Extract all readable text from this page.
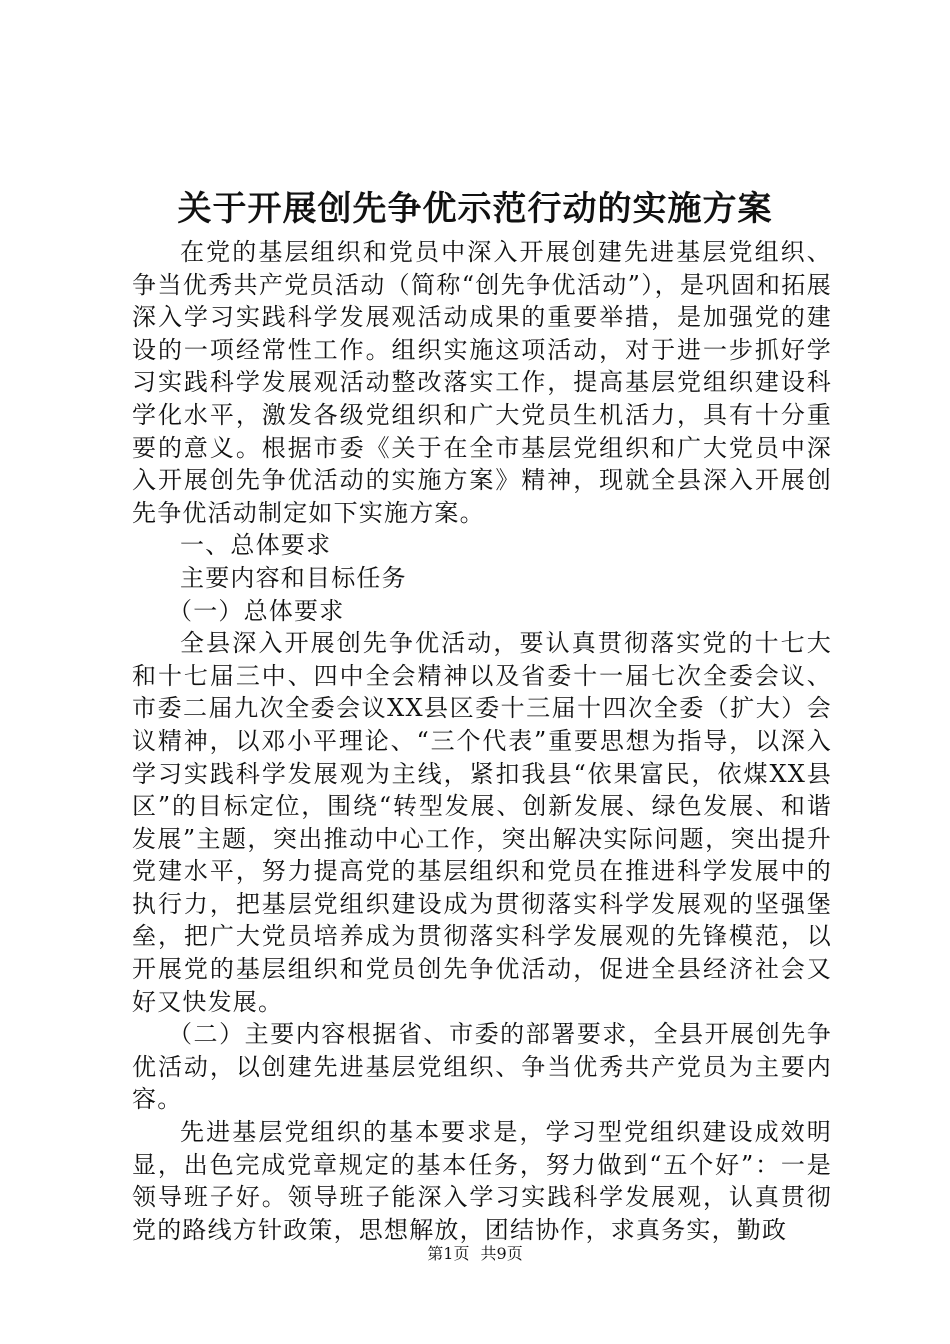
关于开展创先争优示范行动的实施方案

在党的基层组织和党员中深入开展创建先进基层党组织、争当优秀共产党员活动（简称“创先争优活动”），是巩固和拓展深入学习实践科学发展观活动成果的重要举措，是加强党的建设的一项经常性工作。组织实施这项活动，对于进一步抓好学习实践科学发展观活动整改落实工作，提高基层党组织建设科学化水平，激发各级党组织和广大党员生机活力，具有十分重要的意义。根据市委《关于在全市基层党组织和广大党员中深入开展创先争优活动的实施方案》精神，现就全县深入开展创先争优活动制定如下实施方案。

一、总体要求

主要内容和目标任务

（一）总体要求

全县深入开展创先争优活动，要认真贯彻落实党的十七大和十七届三中、四中全会精神以及省委十一届七次全委会议、市委二届九次全委会议XX县区委十三届十四次全委（扩大）会议精神，以邓小平理论、“三个代表”重要思想为指导，以深入学习实践科学发展观为主线，紧扣我县“依果富民，依煤XX县区”的目标定位，围绕“转型发展、创新发展、绿色发展、和谐发展”主题，突出推动中心工作，突出解决实际问题，突出提升党建水平，努力提高党的基层组织和党员在推进科学发展中的执行力，把基层党组织建设成为贯彻落实科学发展观的坚强堡垒，把广大党员培养成为贯彻落实科学发展观的先锋模范，以开展党的基层组织和党员创先争优活动，促进全县经济社会又好又快发展。

（二）主要内容根据省、市委的部署要求，全县开展创先争优活动，以创建先进基层党组织、争当优秀共产党员为主要内容。

先进基层党组织的基本要求是，学习型党组织建设成效明显，出色完成党章规定的基本任务，努力做到“五个好”：一是领导班子好。领导班子能深入学习实践科学发展观，认真贯彻党的路线方针政策，思想解放，团结协作，求真务实，勤政

第1页 共9页
